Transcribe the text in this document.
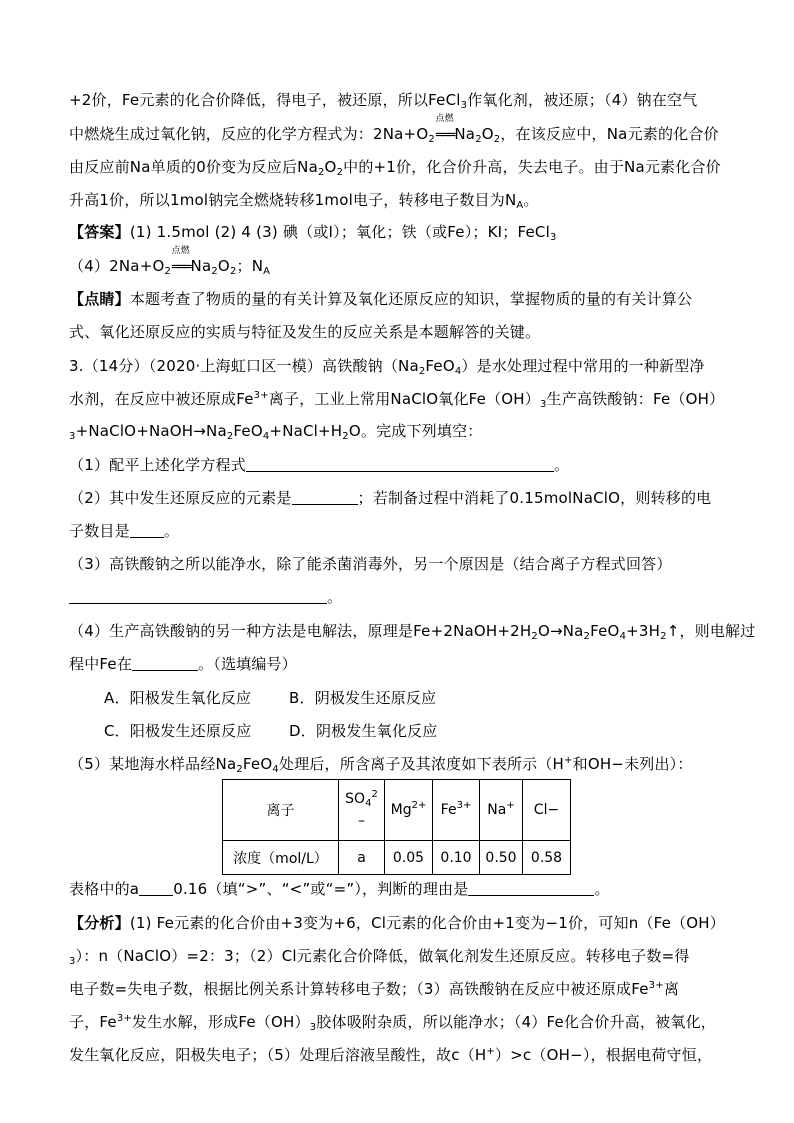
+2价，Fe元素的化合价降低，得电子，被还原，所以FeCl$_3$作氧化剂，被还原；（4）钠在空气
中燃烧生成过氧化钠，反应的化学方程式为：$2Na+O_2$
点燃
$═══Na_2O_2$，在该反应中，Na元素的化合价
由反应前Na单质的0价变为反应后$Na_2O_2$中的+1价，化合价升高，失去电子。由于Na元素化合价
升高1价，所以1mol钠完全燃烧转移1mol电子，转移电子数目为$N_A$。
【答案】(1) 1.5mol (2) 4 (3) 碘（或I）；氧化；铁（或Fe）；KI；FeCl$_3$
$(4)2Na+O_2$
点燃
$═══Na_2O_2$；$N_A$
【点睛】本题考查了物质的量的有关计算及氧化还原反应的知识，掌握物质的量的有关计算公
式、氧化还原反应的实质与特征及发生的反应关系是本题解答的关键。
3.（14分）（2020·上海虹口区一模）高铁酸钠$(Na_2FeO_4)$是水处理过程中常用的一种新型净
水剂，在反应中被还原成$Fe^{3+}$离子，工业上常用NaClO氧化$Fe(OH)_3$生产高铁酸钠：Fe（OH）
$_3+NaClO+NaOH\to Na_2FeO_4+NaCl+H_2O$。完成下列填空：
（1）配平上述化学方程式	。
（2）其中发生还原反应的元素是	；若制备过程中消耗了0.15molNaClO，则转移的电
子数目是 。
（3）高铁酸钠之所以能净水，除了能杀菌消毒外，另一个原因是（结合离子方程式回答）
。
（4）生产高铁酸钠的另一种方法是电解法，原理是$Fe+2NaOH+2H_2O\to Na_2FeO_4+3H_2↑$，则电解过
程中Fe在	。（选填编号）
A．阳极发生氧化反应	B．阴极发生还原反应
C．阳极发生还原反应	D．阴极发生氧化反应
（5）某地海水样品经$Na_2FeO_4$处理后，所含离子及其浓度如下表所示（H+和OH−未列出）：
离子	$SO_4^2$
–	$Mg^{2+}$	$Fe^{3+}$	Na+	Cl−
浓度（mol/L）	a	0.05	0.10	0.50	0.58
表格中的a 0.16（填“>”、“<”或“=”），判断的理由是	。
【分析】(1) Fe元素的化合价由+3变为+6，Cl元素的化合价由+1变为−1价，可知n（Fe（OH）
$_3$）：n（NaClO）=2：3；（2）Cl元素化合价降低，做氧化剂发生还原反应。转移电子数=得
电子数=失电子数，根据比例关系计算转移电子数；（3）高铁酸钠在反应中被还原成$Fe^{3+}$离
子，$Fe^{3+}$发生水解，形成$Fe(OH)_3$胶体吸附杂质，所以能净水；（4）Fe化合价升高，被氧化，
发生氧化反应，阳极失电子；（5）处理后溶液呈酸性，故c（H+）>c（OH−），根据电荷守恒，
